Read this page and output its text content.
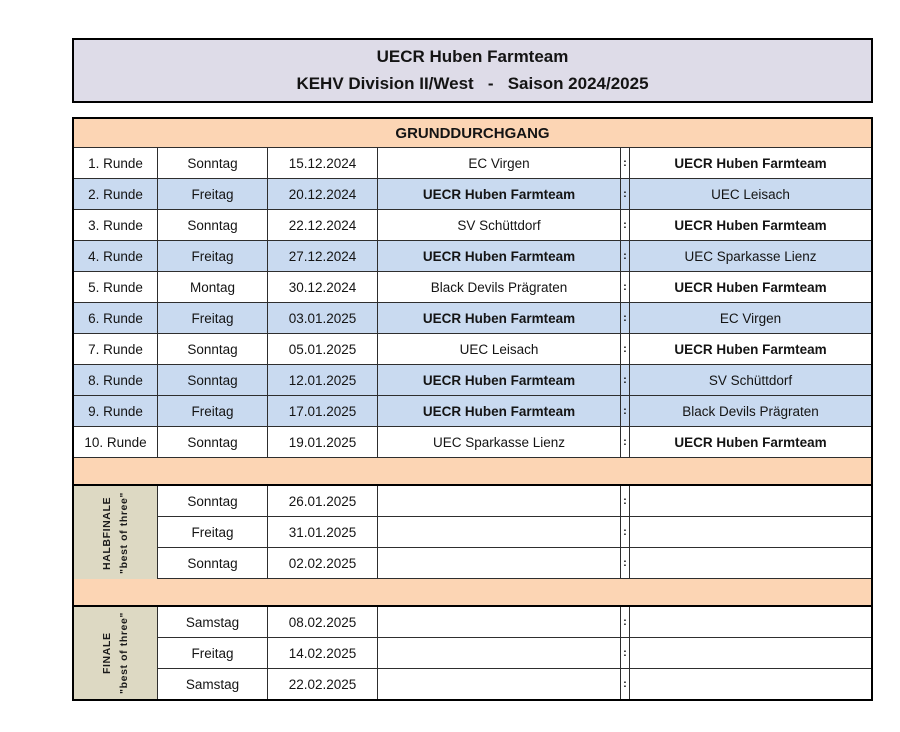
UECR Huben Farmteam
KEHV Division II/West   -   Saison 2024/2025
GRUNDDURCHGANG
1. Runde	Sonntag	15.12.2024	EC Virgen	:	UECR Huben Farmteam
2. Runde	Freitag	20.12.2024	UECR Huben Farmteam	:	UEC Leisach
3. Runde	Sonntag	22.12.2024	SV Schüttdorf	:	UECR Huben Farmteam
4. Runde	Freitag	27.12.2024	UECR Huben Farmteam	:	UEC Sparkasse Lienz
5. Runde	Montag	30.12.2024	Black Devils Prägraten	:	UECR Huben Farmteam
6. Runde	Freitag	03.01.2025	UECR Huben Farmteam	:	EC Virgen
7. Runde	Sonntag	05.01.2025	UEC Leisach	:	UECR Huben Farmteam
8. Runde	Sonntag	12.01.2025	UECR Huben Farmteam	:	SV Schüttdorf
9. Runde	Freitag	17.01.2025	UECR Huben Farmteam	:	Black Devils Prägraten
10. Runde	Sonntag	19.01.2025	UEC Sparkasse Lienz	:	UECR Huben Farmteam
HALBFINALE "best of three"	Sonntag	26.01.2025	:
Freitag	31.01.2025	:
Sonntag	02.02.2025	:
FINALE "best of three"	Samstag	08.02.2025	:
Freitag	14.02.2025	:
Samstag	22.02.2025	:
